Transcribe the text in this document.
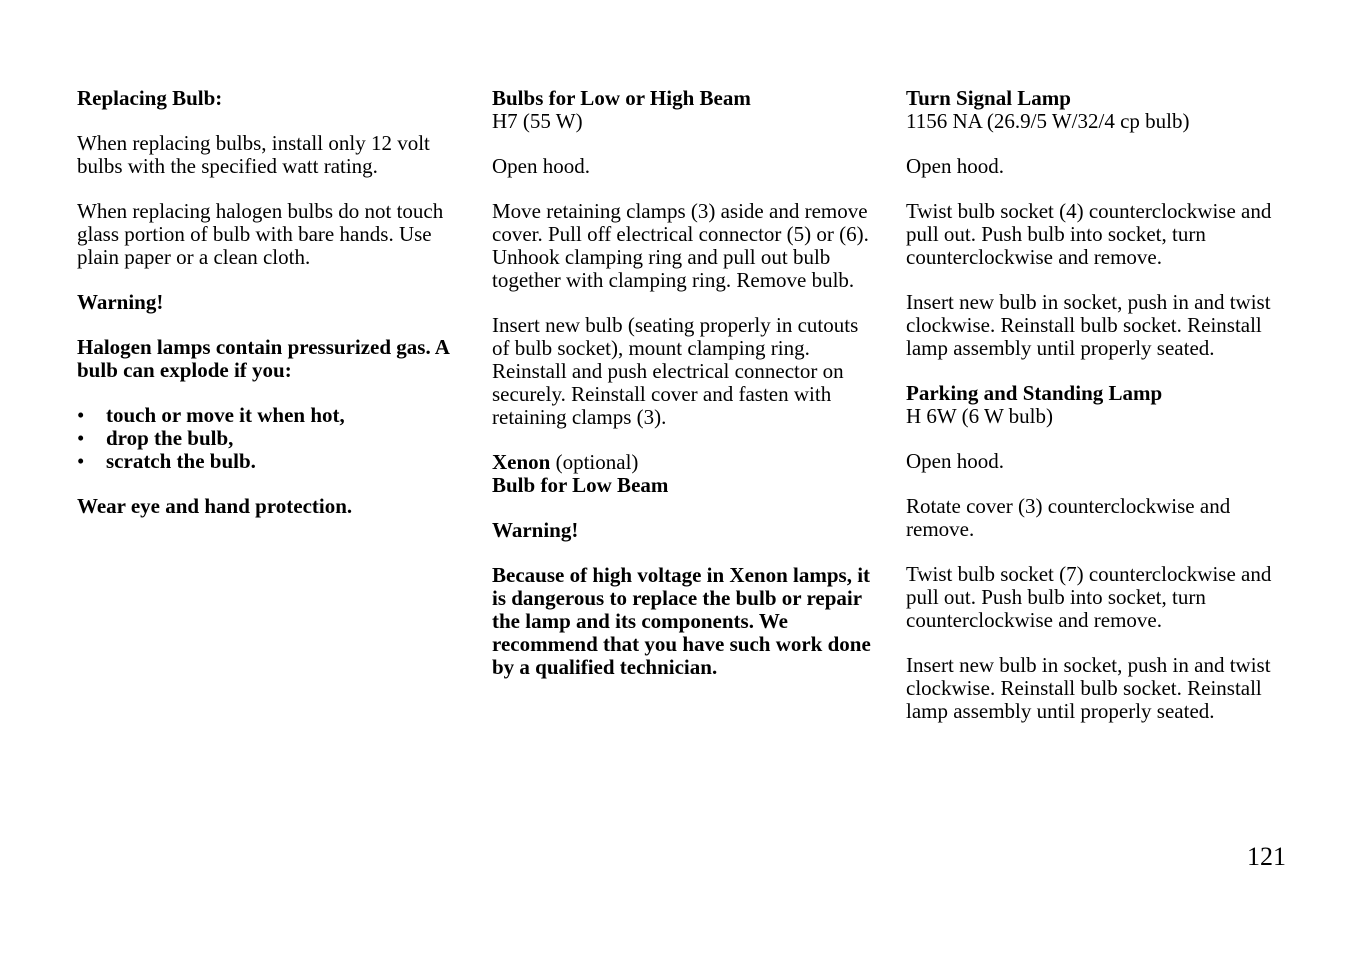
Replacing Bulb:

When replacing bulbs, install only 12 volt bulbs with the specified watt rating.

When replacing halogen bulbs do not touch glass portion of bulb with bare hands. Use plain paper or a clean cloth.

Warning!

Halogen lamps contain pressurized gas. A bulb can explode if you:

• touch or move it when hot,
• drop the bulb,
• scratch the bulb.

Wear eye and hand protection.

Bulbs for Low or High Beam
H7 (55 W)

Open hood.

Move retaining clamps (3) aside and remove cover. Pull off electrical connector (5) or (6). Unhook clamping ring and pull out bulb together with clamping ring. Remove bulb.

Insert new bulb (seating properly in cutouts of bulb socket), mount clamping ring. Reinstall and push electrical connector on securely. Reinstall cover and fasten with retaining clamps (3).

Xenon (optional)
Bulb for Low Beam

Warning!

Because of high voltage in Xenon lamps, it is dangerous to replace the bulb or repair the lamp and its components. We recommend that you have such work done by a qualified technician.

Turn Signal Lamp
1156 NA (26.9/5 W/32/4 cp bulb)

Open hood.

Twist bulb socket (4) counterclockwise and pull out. Push bulb into socket, turn counterclockwise and remove.

Insert new bulb in socket, push in and twist clockwise. Reinstall bulb socket. Reinstall lamp assembly until properly seated.

Parking and Standing Lamp
H 6W (6 W bulb)

Open hood.

Rotate cover (3) counterclockwise and remove.

Twist bulb socket (7) counterclockwise and pull out. Push bulb into socket, turn counterclockwise and remove.

Insert new bulb in socket, push in and twist clockwise. Reinstall bulb socket. Reinstall lamp assembly until properly seated.

121
